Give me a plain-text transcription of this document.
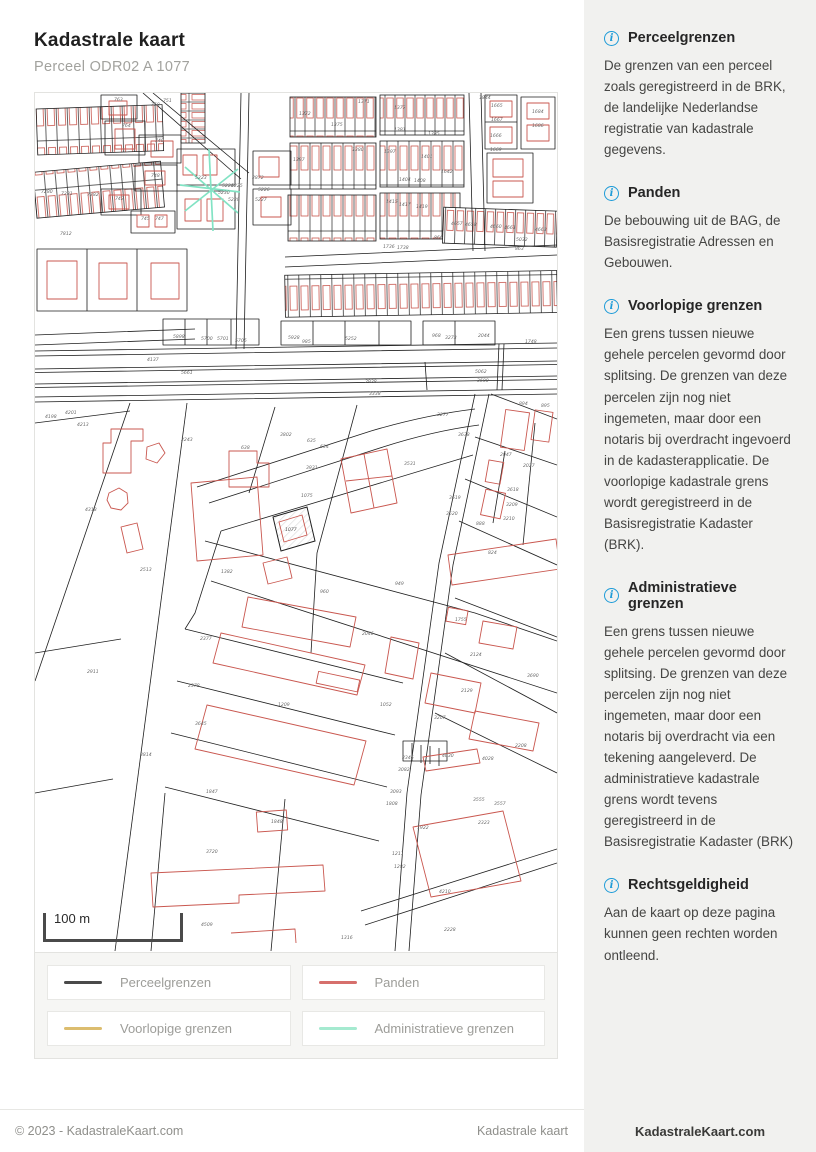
Kadastrale kaart
Perceel ODR02 A 1077
763
758
751
764
749
748
742
745 747
7280 7281	7282
7812
2872
5223
5224
5225
5230
5228	5227
5226
1371
1372
1375
1380
1387
1377
1381
1385
1397
1401
1642
1404 1408
1415
1417 1419
1844
1665
1667
1666
1669
1684
1686
863
4657 4658	4660 4661	4663
5032
866
1736 1738
5898	5700 5701 5706
5928
985
5252
968 3273	2044
1748
4137
5661
2928
3338
5062
3680
4198
4201
4213
3802
2243	635
634
3931
1075
1077
3531
3619
3520
3277
3638
894	895
2047
2027
3618
3209
3210
888
824
4318
2513	1382
638
960
949
2911
2377
2378
3645
3814
1209
2046
1052
1755
2124
3690
2129
3207
2208
2346	4030
4028
3082
3093
1808
3555
3557
2323
1922
1211
1282
4210
2228
1316
1847
1848
3720
4509
100 m
Perceelgrenzen	Panden
Voorlopige grenzen	Administratieve grenzen
© 2023 - KadastraleKaart.com	Kadastrale kaart
i	Perceelgrenzen

De grenzen van een perceel zoals geregistreerd in de BRK, de landelijke Nederlandse registratie van kadastrale gegevens.

i	Panden

De bebouwing uit de BAG, de Basisregistratie Adressen en Gebouwen.

i	Voorlopige grenzen

Een grens tussen nieuwe gehele percelen gevormd door splitsing. De grenzen van deze percelen zijn nog niet ingemeten, maar door een notaris bij overdracht ingevoerd in de kadasterapplicatie. De voorlopige kadastrale grens wordt geregistreerd in de Basisregistratie Kadaster (BRK).

i	Administratieve grenzen

Een grens tussen nieuwe gehele percelen gevormd door splitsing. De grenzen van deze percelen zijn nog niet ingemeten, maar door een notaris bij overdracht via een tekening aangeleverd. De administratieve kadastrale grens wordt tevens geregistreerd in de Basisregistratie Kadaster (BRK)

i	Rechtsgeldigheid

Aan de kaart op deze pagina kunnen geen rechten worden ontleend.

KadastraleKaart.com
